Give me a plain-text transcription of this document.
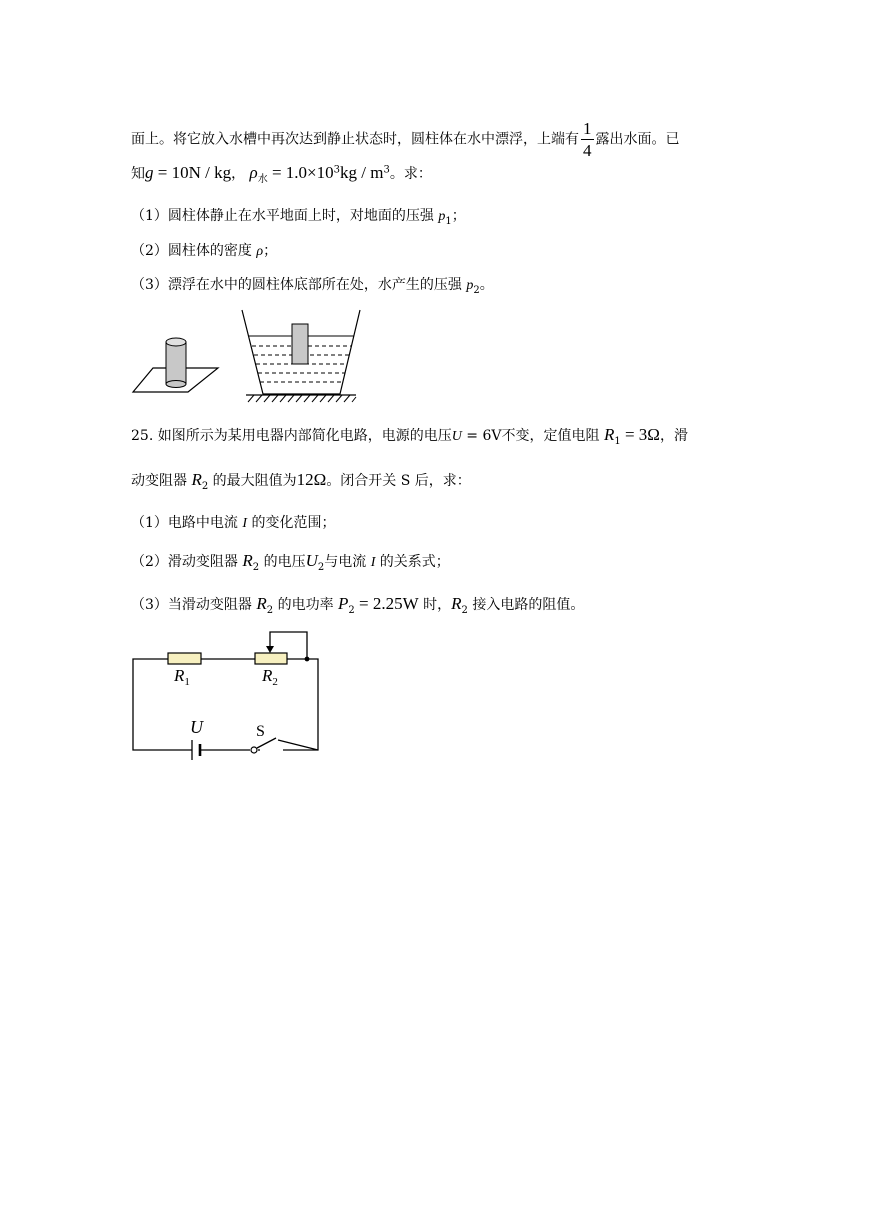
面上。将它放入水槽中再次达到静止状态时，圆柱体在水中漂浮，上端有 $\frac{1}{4}$ 露出水面。已
知g = 10N / kg， $\rho_水 = 1.0\times 10^3kg / m^3$。求：
（1）圆柱体静止在水平地面上时，对地面的压强 $p_1$；
（2）圆柱体的密度 ρ；
（3）漂浮在水中的圆柱体底部所在处，水产生的压强 $p_2$。
25. 如图所示为某用电器内部简化电路，电源的电压U = 6V不变，定值电阻 $R_1 = 3\Omega$，滑
动变阻器 $R_2$ 的最大阻值为12Ω。闭合开关 S 后，求：
（1）电路中电流 I 的变化范围；
（2）滑动变阻器 $R_2$ 的电压$U_2$与电流 I 的关系式；
（3）当滑动变阻器 $R_2$ 的电功率 $P_2 = 2.25W$ 时，$R_2$ 接入电路的阻值。
$R_1$	$R_2$
U	S
